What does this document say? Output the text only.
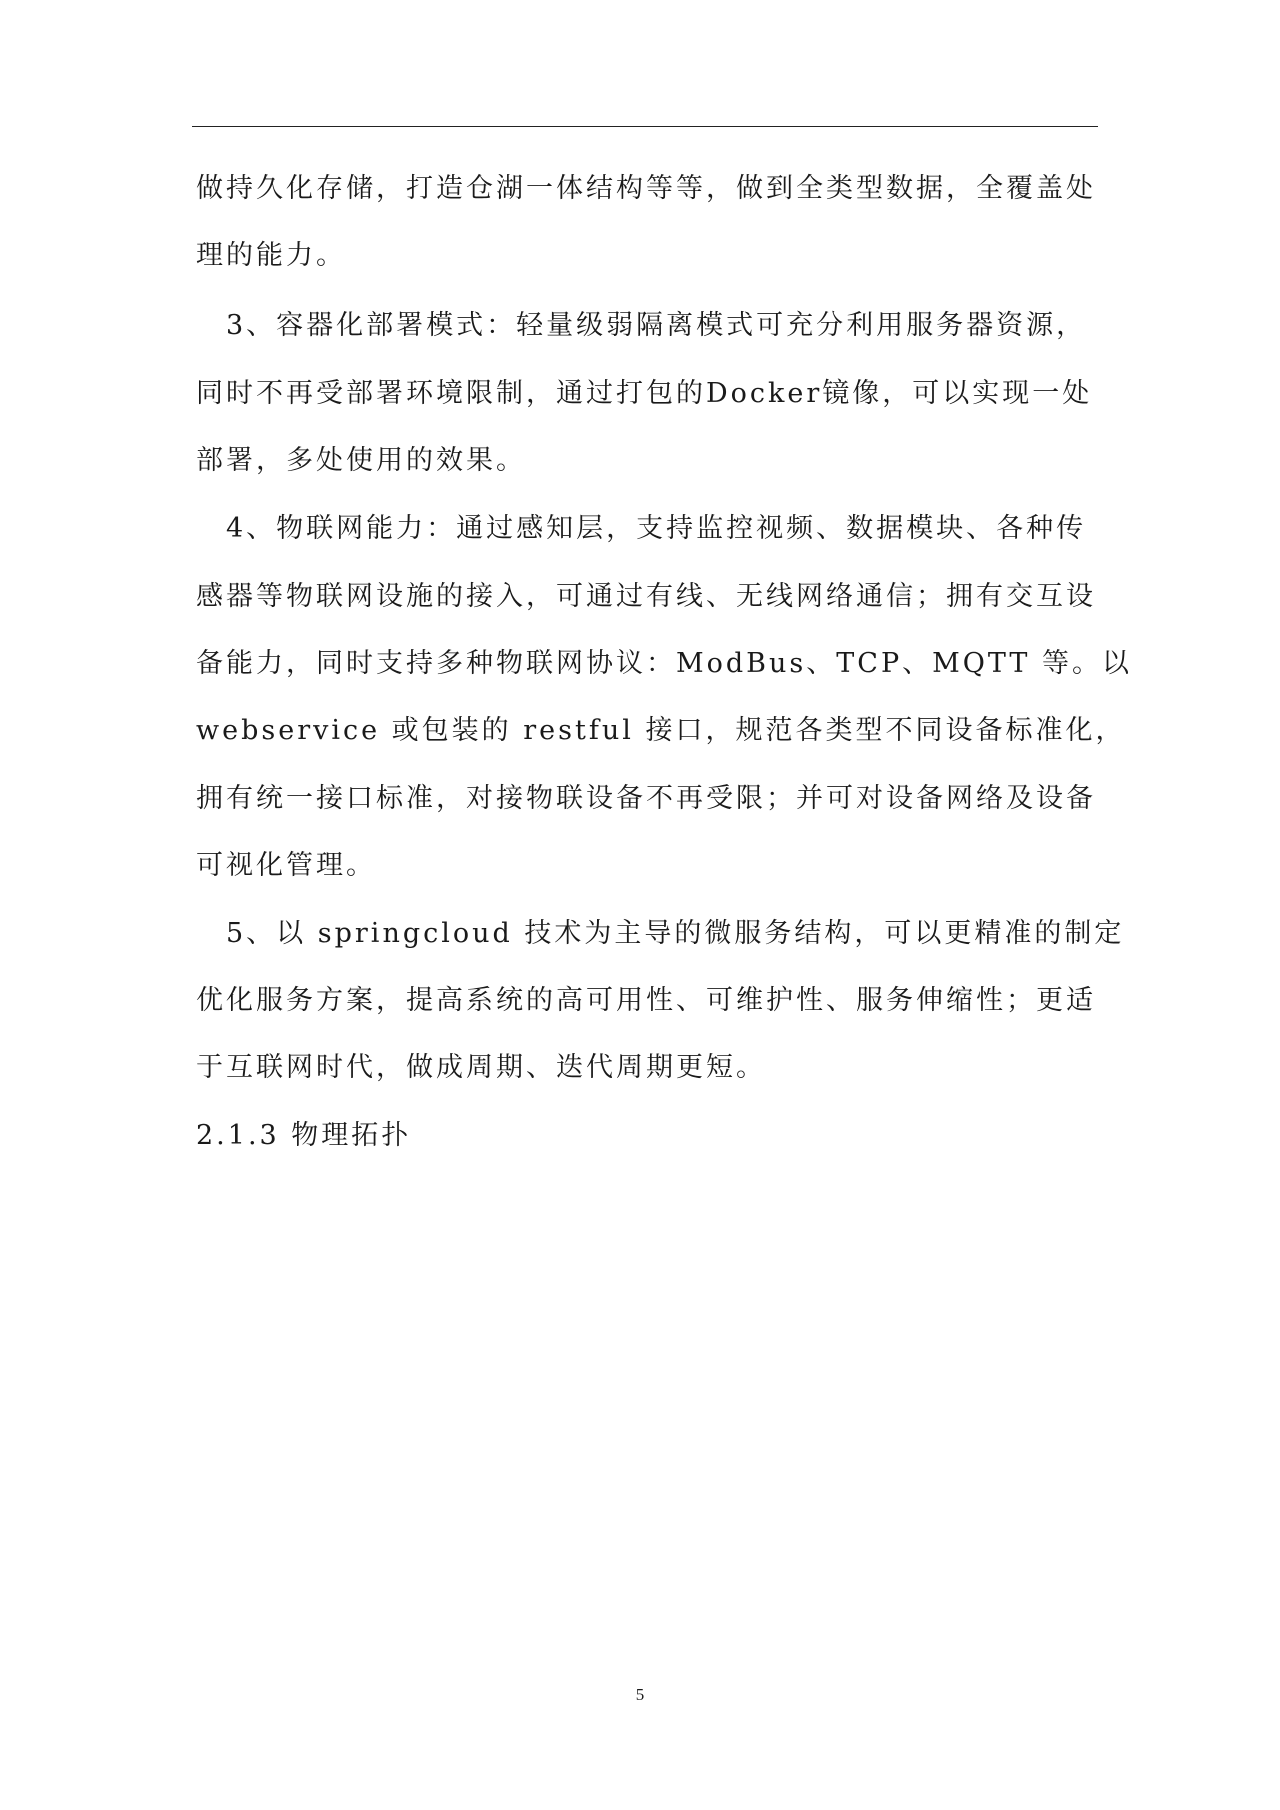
做持久化存储，打造仓湖一体结构等等，做到全类型数据，全覆盖处
理的能力。
　3、容器化部署模式：轻量级弱隔离模式可充分利用服务器资源，
同时不再受部署环境限制，通过打包的Docker镜像，可以实现一处
部署，多处使用的效果。
　4、物联网能力：通过感知层，支持监控视频、数据模块、各种传
感器等物联网设施的接入，可通过有线、无线网络通信；拥有交互设
备能力，同时支持多种物联网协议：ModBus、TCP、MQTT 等。以
webservice 或包装的 restful 接口，规范各类型不同设备标准化，
拥有统一接口标准，对接物联设备不再受限；并可对设备网络及设备
可视化管理。
　5、以 springcloud 技术为主导的微服务结构，可以更精准的制定
优化服务方案，提高系统的高可用性、可维护性、服务伸缩性；更适
于互联网时代，做成周期、迭代周期更短。
2.1.3 物理拓扑
5
